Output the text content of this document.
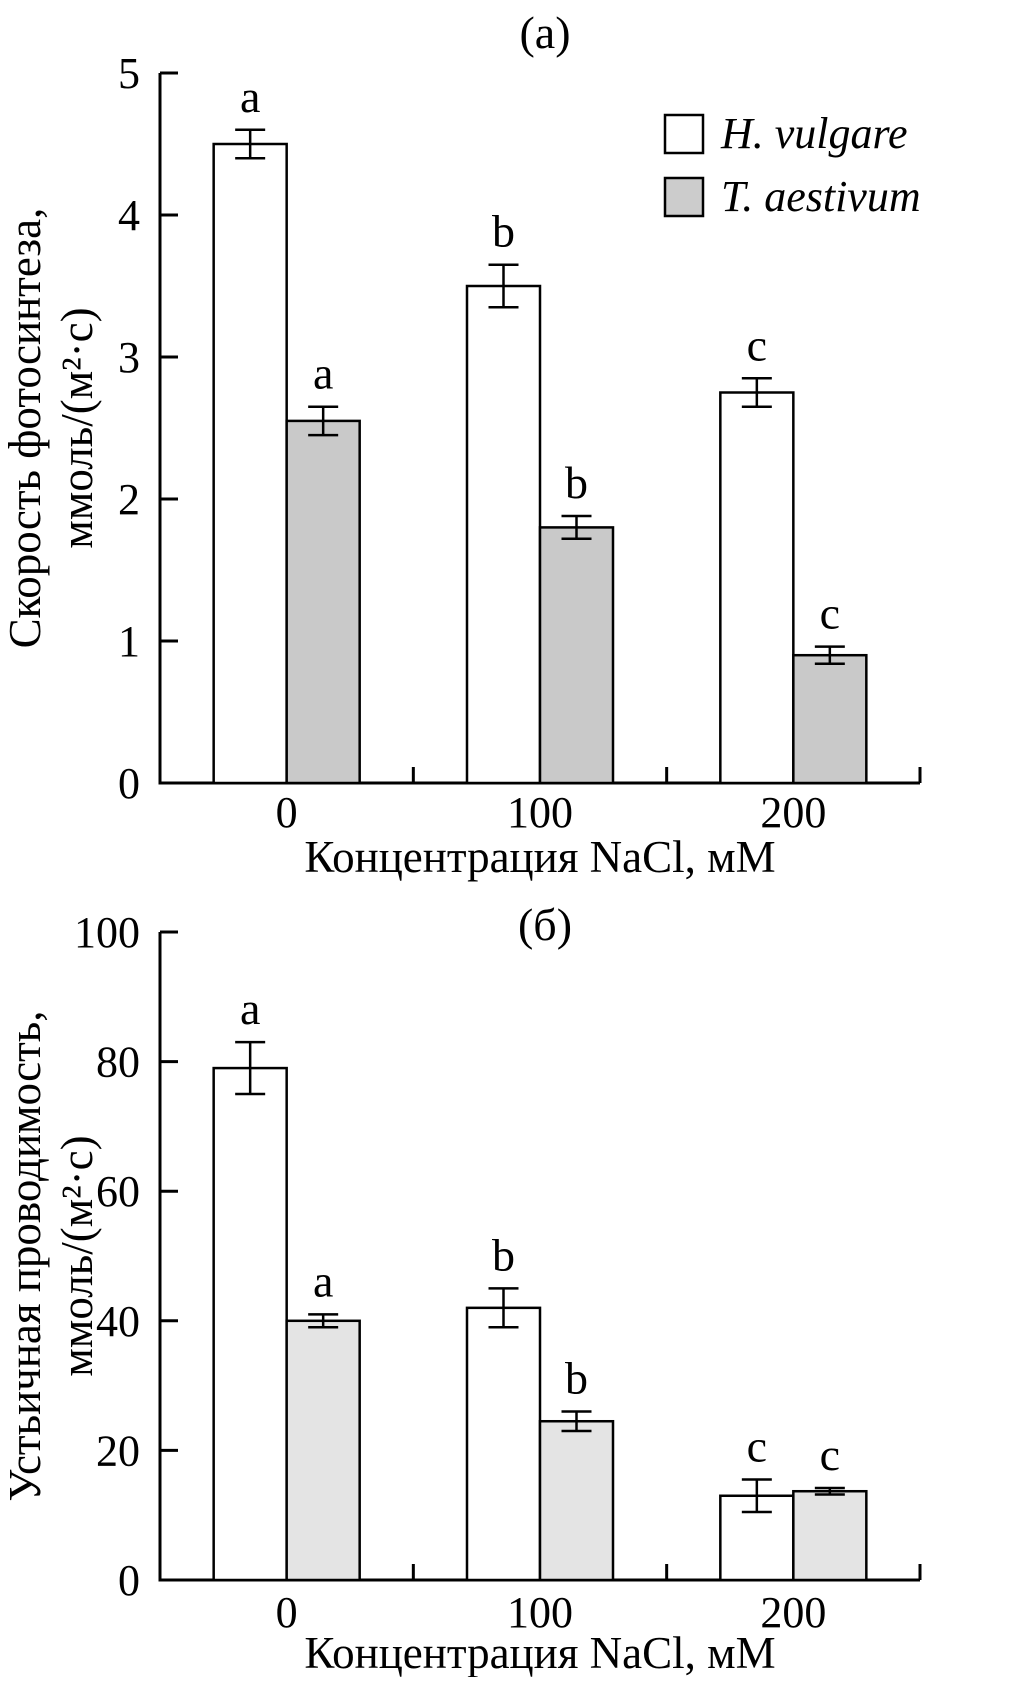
(a)
0
1
2
3
4
5 a
a
0
b
b
100
c
c
200
Концентрация NaCl, мМ
Скорость фотосинтеза, ммоль/(м²·с)
H. vulgare
T. aestivum
(б)
0
20
40
60
80
100
a
a
0
b
b
100
c c
200
Концентрация NaCl, мМ
Устьичная проводимость, ммоль/(м²·с)
